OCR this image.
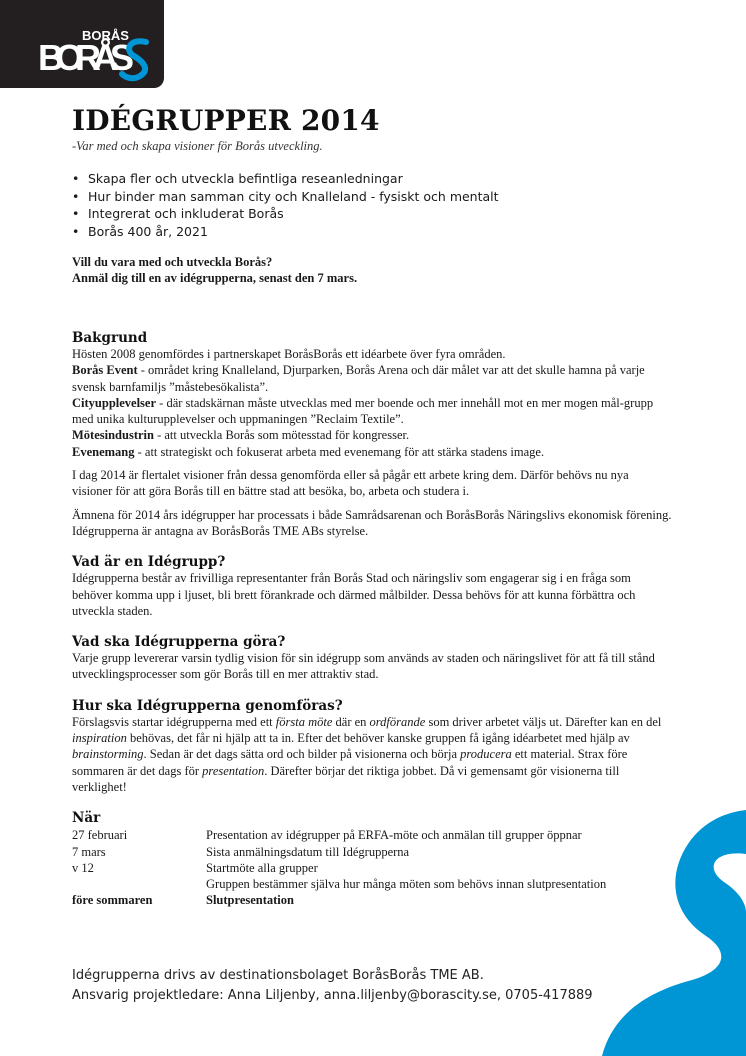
BORÅS
BORÅS
IDÉGRUPPER 2014
-Var med och skapa visioner för Borås utveckling.
• Skapa fler och utveckla befintliga reseanledningar
• Hur binder man samman city och Knalleland - fysiskt och mentalt
• Integrerat och inkluderat Borås
• Borås 400 år, 2021
Vill du vara med och utveckla Borås?
Anmäl dig till en av idégrupperna, senast den 7 mars.
Bakgrund

Hösten 2008 genomfördes i partnerskapet BoråsBorås ett idéarbete över fyra områden.

Borås Event - området kring Knalleland, Djurparken, Borås Arena och där målet var att det skulle hamna på varje svensk barnfamiljs ”måstebesökalista”.

Cityupplevelser - där stadskärnan måste utvecklas med mer boende och mer innehåll mot en mer mogen mål-grupp med unika kulturupplevelser och uppmaningen ”Reclaim Textile”.

Mötesindustrin - att utveckla Borås som mötesstad för kongresser.

Evenemang - att strategiskt och fokuserat arbeta med evenemang för att stärka stadens image.

I dag 2014 är flertalet visioner från dessa genomförda eller så pågår ett arbete kring dem. Därför behövs nu nya visioner för att göra Borås till en bättre stad att besöka, bo, arbeta och studera i.

Ämnena för 2014 års idégrupper har processats i både Samrådsarenan och BoråsBorås Näringslivs ekonomisk förening. Idégrupperna är antagna av BoråsBorås TME ABs styrelse.

Vad är en Idégrupp?

Idégrupperna består av frivilliga representanter från Borås Stad och näringsliv som engagerar sig i en fråga som behöver komma upp i ljuset, bli brett förankrade och därmed målbilder. Dessa behövs för att kunna förbättra och utveckla staden.

Vad ska Idégrupperna göra?

Varje grupp levererar varsin tydlig vision för sin idégrupp som används av staden och näringslivet för att få till stånd utvecklingsprocesser som gör Borås till en mer attraktiv stad.

Hur ska Idégrupperna genomföras?

Förslagsvis startar idégrupperna med ett första möte där en ordförande som driver arbetet väljs ut. Därefter kan en del inspiration behövas, det får ni hjälp att ta in. Efter det behöver kanske gruppen få igång idéarbetet med hjälp av brainstorming. Sedan är det dags sätta ord och bilder på visionerna och börja producera ett material. Strax före sommaren är det dags för presentation. Därefter börjar det riktiga jobbet. Då vi gemensamt gör visionerna till verklighet!

När
27 februari	Presentation av idégrupper på ERFA-möte och anmälan till grupper öppnar
7 mars	Sista anmälningsdatum till Idégrupperna
v 12	Startmöte alla grupper
	Gruppen bestämmer själva hur många möten som behövs innan slutpresentation
före sommaren	Slutpresentation
Idégrupperna drivs av destinationsbolaget BoråsBorås TME AB.
Ansvarig projektledare: Anna Liljenby, anna.liljenby@borascity.se, 0705-417889
